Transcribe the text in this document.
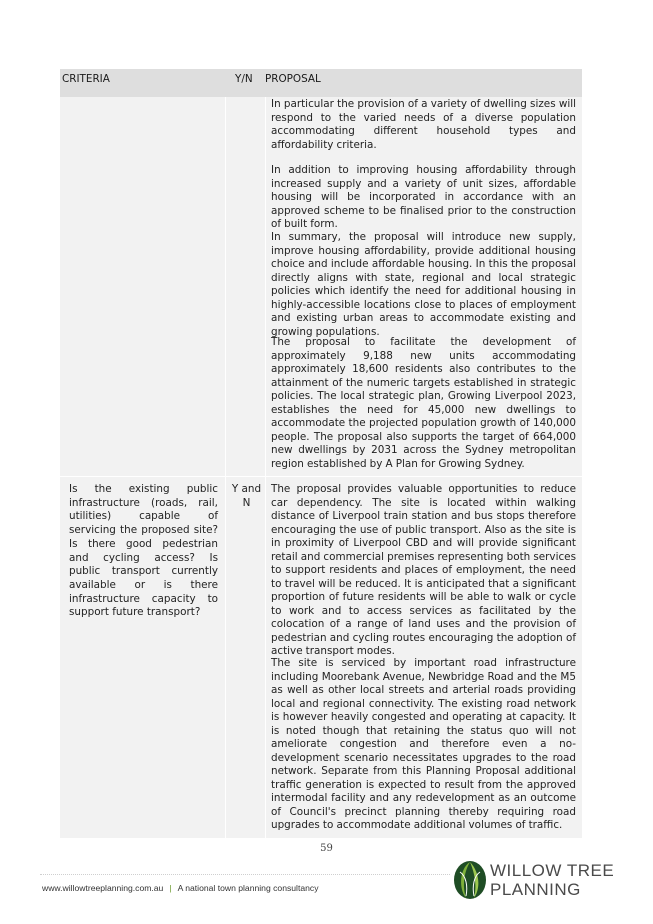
CRITERIA	Y/N PROPOSAL
In particular the provision of a variety of dwelling sizes will respond to the varied needs of a diverse population accommodating different household types and affordability criteria.
In addition to improving housing affordability through increased supply and a variety of unit sizes, affordable housing will be incorporated in accordance with an approved scheme to be finalised prior to the construction of built form.
In summary, the proposal will introduce new supply, improve housing affordability, provide additional housing choice and include affordable housing. In this the proposal directly aligns with state, regional and local strategic policies which identify the need for additional housing in highly-accessible locations close to places of employment and existing urban areas to accommodate existing and growing populations.
The proposal to facilitate the development of approximately 9,188 new units accommodating approximately 18,600 residents also contributes to the attainment of the numeric targets established in strategic policies. The local strategic plan, Growing Liverpool 2023, establishes the need for 45,000 new dwellings to accommodate the projected population growth of 140,000 people. The proposal also supports the target of 664,000 new dwellings by 2031 across the Sydney metropolitan region established by A Plan for Growing Sydney.
Is the existing public infrastructure (roads, rail, utilities) capable of servicing the proposed site? Is there good pedestrian and cycling access? Is public transport currently available or is there infrastructure capacity to support future transport?
Y and N
The proposal provides valuable opportunities to reduce car dependency. The site is located within walking distance of Liverpool train station and bus stops therefore encouraging the use of public transport. Also as the site is in proximity of Liverpool CBD and will provide significant retail and commercial premises representing both services to support residents and places of employment, the need to travel will be reduced. It is anticipated that a significant proportion of future residents will be able to walk or cycle to work and to access services as facilitated by the colocation of a range of land uses and the provision of pedestrian and cycling routes encouraging the adoption of active transport modes.
The site is serviced by important road infrastructure including Moorebank Avenue, Newbridge Road and the M5 as well as other local streets and arterial roads providing local and regional connectivity. The existing road network is however heavily congested and operating at capacity. It is noted though that retaining the status quo will not ameliorate congestion and therefore even a no-development scenario necessitates upgrades to the road network. Separate from this Planning Proposal additional traffic generation is expected to result from the approved intermodal facility and any redevelopment as an outcome of Council's precinct planning thereby requiring road upgrades to accommodate additional volumes of traffic.
59
www.willowtreeplanning.com.au | A national town planning consultancy
WILLOW TREE
PLANNING
